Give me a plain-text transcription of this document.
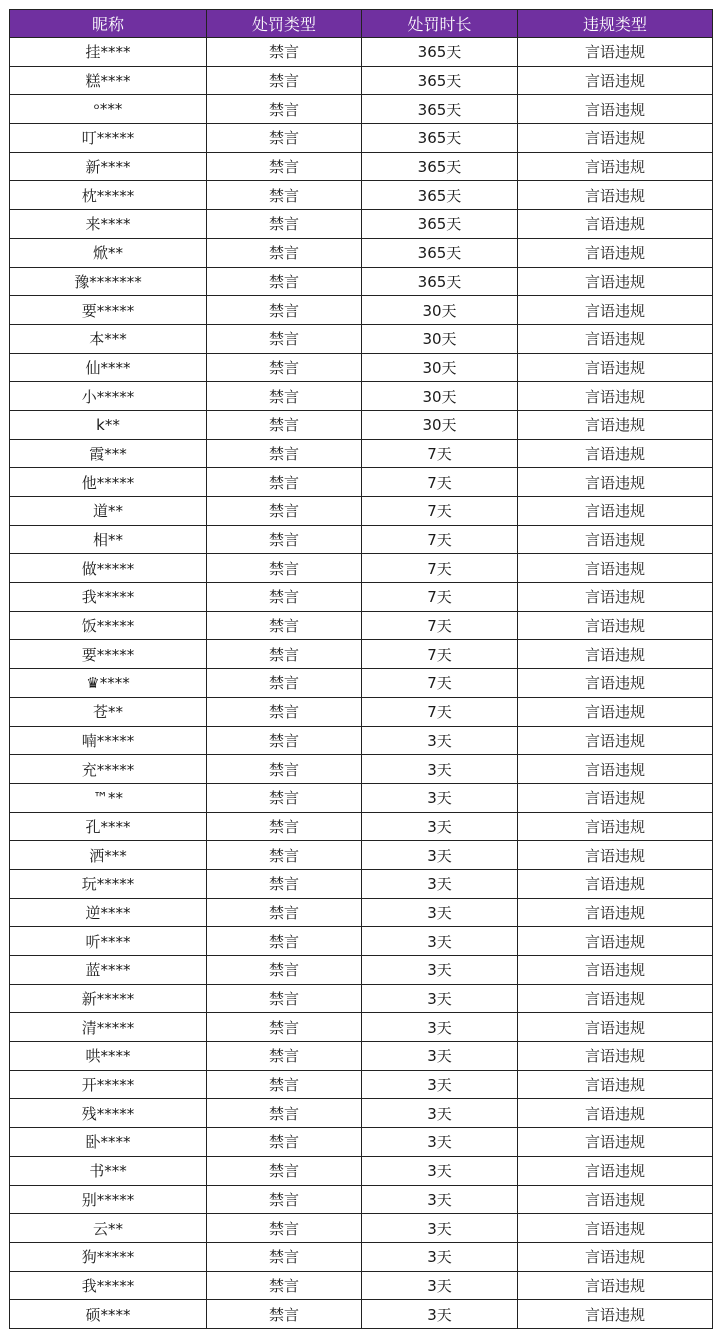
昵称	处罚类型	处罚时长	违规类型
挂****	禁言	365天	言语违规
糕****	禁言	365天	言语违规
ᵒ***	禁言	365天	言语违规
叮*****	禁言	365天	言语违规
新****	禁言	365天	言语违规
枕*****	禁言	365天	言语违规
来****	禁言	365天	言语违规
焮**	禁言	365天	言语违规
豫*******	禁言	365天	言语违规
要*****	禁言	30天	言语违规
本***	禁言	30天	言语违规
仙****	禁言	30天	言语违规
小*****	禁言	30天	言语违规
k**	禁言	30天	言语违规
霞***	禁言	7天	言语违规
他*****	禁言	7天	言语违规
道**	禁言	7天	言语违规
相**	禁言	7天	言语违规
做*****	禁言	7天	言语违规
我*****	禁言	7天	言语违规
饭*****	禁言	7天	言语违规
要*****	禁言	7天	言语违规
♛****	禁言	7天	言语违规
苍**	禁言	7天	言语违规
喃*****	禁言	3天	言语违规
充*****	禁言	3天	言语违规
™**	禁言	3天	言语违规
孔****	禁言	3天	言语违规
洒***	禁言	3天	言语违规
玩*****	禁言	3天	言语违规
逆****	禁言	3天	言语违规
听****	禁言	3天	言语违规
蓝****	禁言	3天	言语违规
新*****	禁言	3天	言语违规
清*****	禁言	3天	言语违规
哄****	禁言	3天	言语违规
开*****	禁言	3天	言语违规
残*****	禁言	3天	言语违规
卧****	禁言	3天	言语违规
书***	禁言	3天	言语违规
别*****	禁言	3天	言语违规
云**	禁言	3天	言语违规
狗*****	禁言	3天	言语违规
我*****	禁言	3天	言语违规
硕****	禁言	3天	言语违规
